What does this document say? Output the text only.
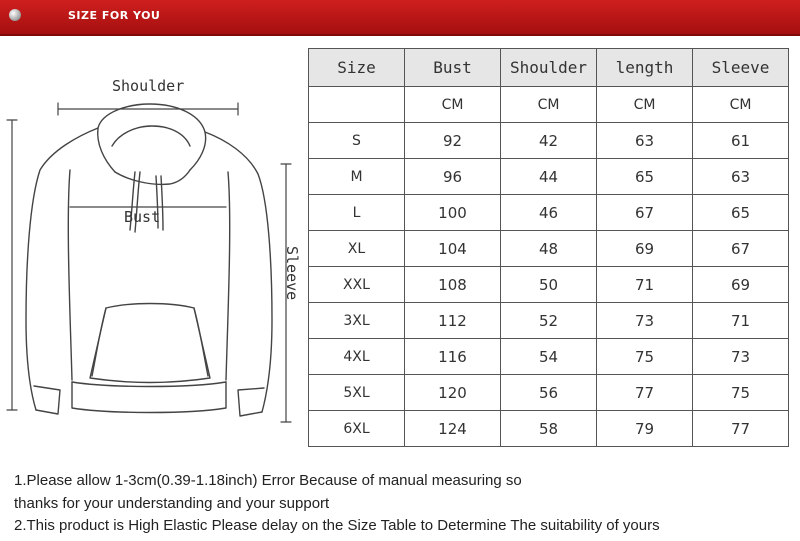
SIZE FOR YOU
Shoulder
Bust
Sleeve
Size	Bust	Shoulder	length	Sleeve
	CM	CM	CM	CM
S	92	42	63	61
M	96	44	65	63
L	100	46	67	65
XL	104	48	69	67
XXL	108	50	71	69
3XL	112	52	73	71
4XL	116	54	75	73
5XL	120	56	77	75
6XL	124	58	79	77
1.Please allow 1-3cm(0.39-1.18inch) Error Because of manual measuring so
thanks for your understanding and your support
2.This product is High Elastic Please delay on the Size Table to Determine The suitability of yours
